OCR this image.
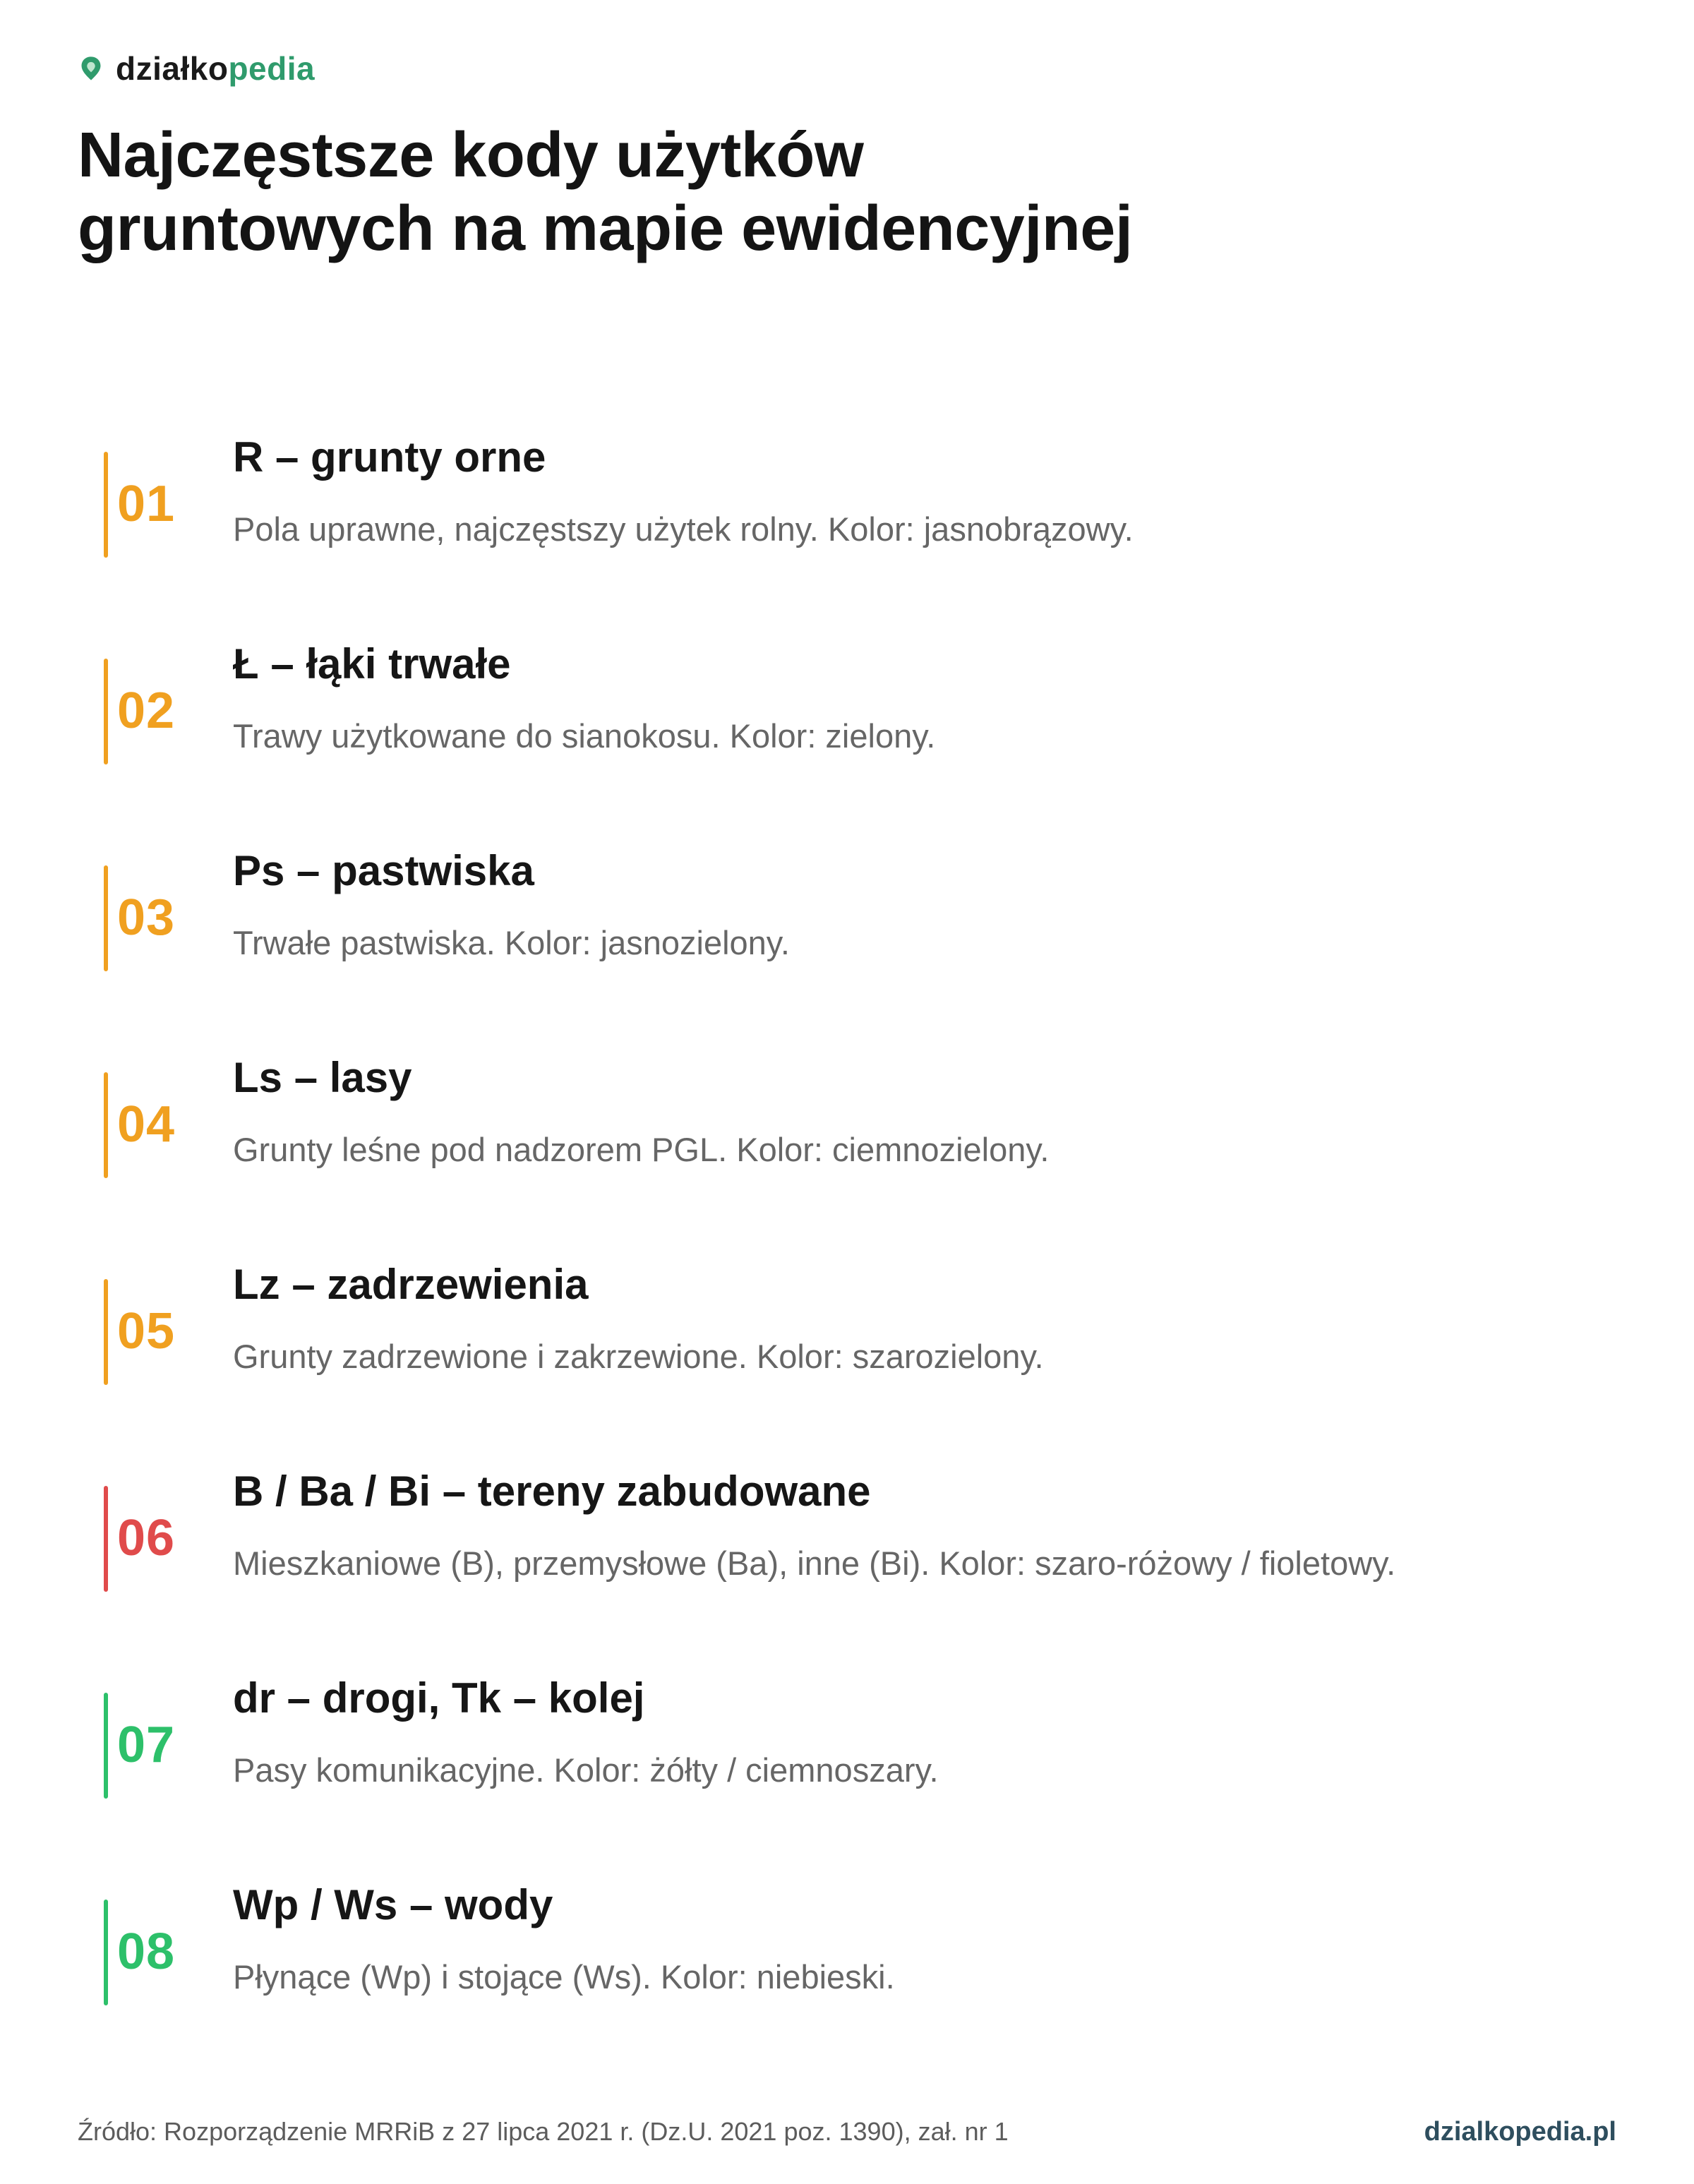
działkopedia
Najczęstsze kody użytków
gruntowych na mapie ewidencyjnej
01
R – grunty orne
Pola uprawne, najczęstszy użytek rolny. Kolor: jasnobrązowy.
02
Ł – łąki trwałe
Trawy użytkowane do sianokosu. Kolor: zielony.
03
Ps – pastwiska
Trwałe pastwiska. Kolor: jasnozielony.
04
Ls – lasy
Grunty leśne pod nadzorem PGL. Kolor: ciemnozielony.
05
Lz – zadrzewienia
Grunty zadrzewione i zakrzewione. Kolor: szarozielony.
06
B / Ba / Bi – tereny zabudowane
Mieszkaniowe (B), przemysłowe (Ba), inne (Bi). Kolor: szaro-różowy / fioletowy.
07
dr – drogi, Tk – kolej
Pasy komunikacyjne. Kolor: żółty / ciemnoszary.
08
Wp / Ws – wody
Płynące (Wp) i stojące (Ws). Kolor: niebieski.
Źródło: Rozporządzenie MRRiB z 27 lipca 2021 r. (Dz.U. 2021 poz. 1390), zał. nr 1	dzialkopedia.pl
